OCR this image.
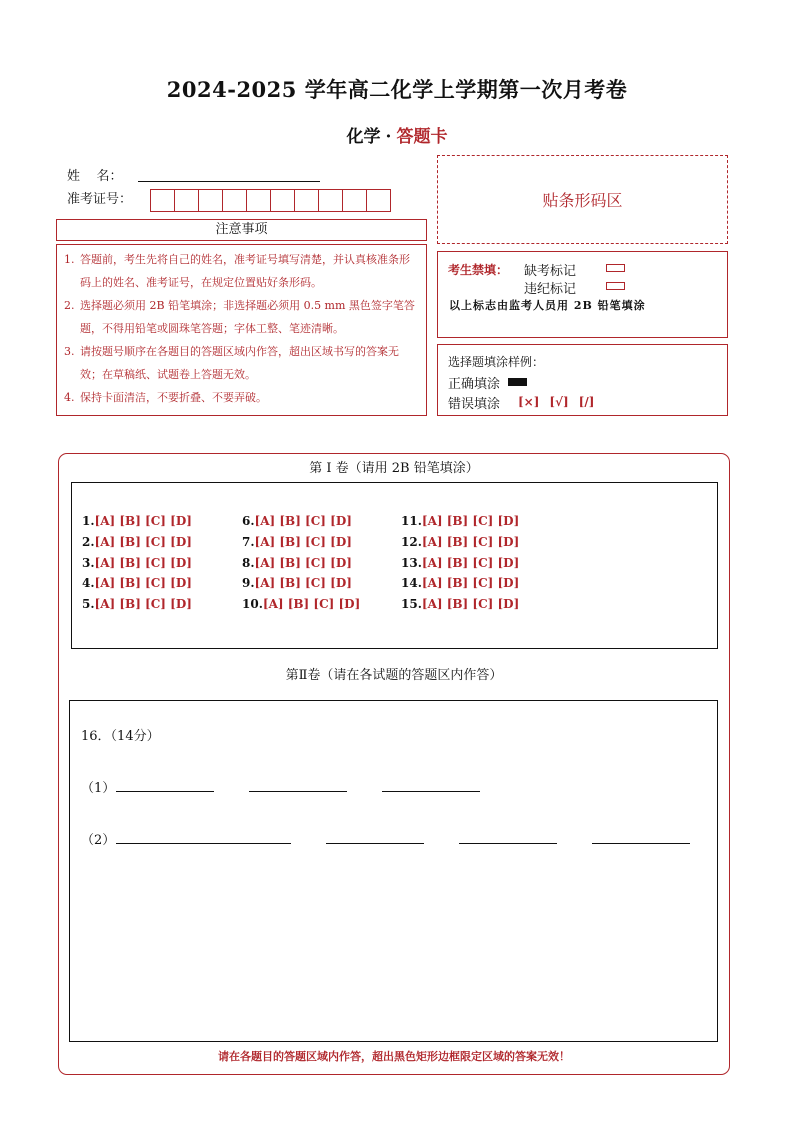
2024-2025 学年高二化学上学期第一次月考卷
化学 · 答题卡
姓    名：
准考证号：	贴条形码区
注意事项
1. 答题前，考生先将自己的姓名，准考证号填写清楚，并认真核准条形码上的姓名、准考证号，在规定位置贴好条形码。
2. 选择题必须用 2B 铅笔填涂；非选择题必须用 0.5 mm 黑色签字笔答题，不得用铅笔或圆珠笔答题；字体工整、笔迹清晰。
3. 请按题号顺序在各题目的答题区域内作答，超出区域书写的答案无效；在草稿纸、试题卷上答题无效。
4. 保持卡面清洁，不要折叠、不要弄破。
考生禁填： 缺考标记
违纪标记
以上标志由监考人员用 2B 铅笔填涂
选择题填涂样例：
正确填涂
错误填涂 [×] [√] [/]
第 I 卷（请用 2B 铅笔填涂）
1.[A] [B] [C] [D]
2.[A] [B] [C] [D]
3.[A] [B] [C] [D]
4.[A] [B] [C] [D]
5.[A] [B] [C] [D]
6.[A] [B] [C] [D]
7.[A] [B] [C] [D]
8.[A] [B] [C] [D]
9.[A] [B] [C] [D]
10.[A] [B] [C] [D]
11.[A] [B] [C] [D]
12.[A] [B] [C] [D]
13.[A] [B] [C] [D]
14.[A] [B] [C] [D]
15.[A] [B] [C] [D]
第Ⅱ卷（请在各试题的答题区内作答）
16．（14分）
（1）
（2）
请在各题目的答题区域内作答，超出黑色矩形边框限定区域的答案无效！
